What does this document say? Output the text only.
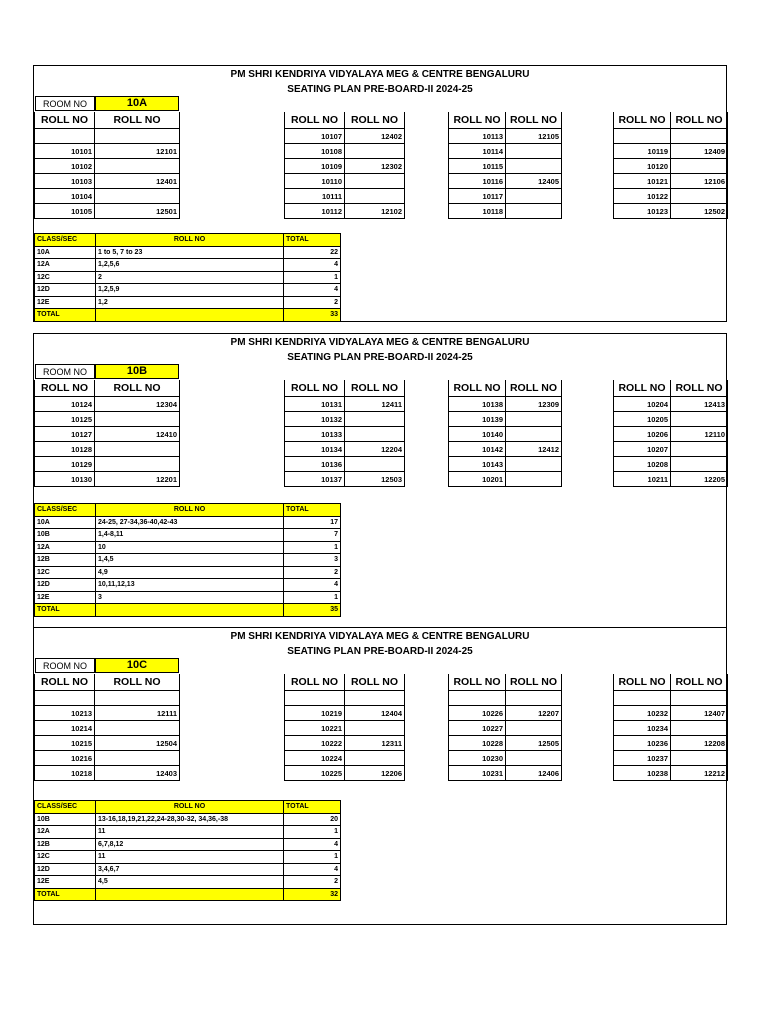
PM SHRI KENDRIYA VIDYALAYA MEG & CENTRE BENGALURU
SEATING PLAN PRE-BOARD-II 2024-25
ROOM NO	10A
ROLL NO	ROLL NO

10101	12101
10102	
10103	12401
10104	
10105	12501
ROLL NO	ROLL NO
10107	12402
10108	
10109	12302
10110	
10111	
10112	12102
ROLL NO	ROLL NO
10113	12105
10114	
10115	
10116	12405
10117	
10118	
ROLL NO	ROLL NO

10119	12409
10120	
10121	12106
10122	
10123	12502
CLASS/SEC	ROLL NO	TOTAL
10A	1 to 5, 7 to 23	22
12A	1,2,5,6	4
12C	2	1
12D	1,2,5,9	4
12E	1,2	2
TOTAL		33
PM SHRI KENDRIYA VIDYALAYA MEG & CENTRE BENGALURU
SEATING PLAN PRE-BOARD-II 2024-25
ROOM NO	10B
ROLL NO	ROLL NO
10124	12304
10125	
10127	12410
10128	
10129	
10130	12201
ROLL NO	ROLL NO
10131	12411
10132	
10133	
10134	12204
10136	
10137	12503
ROLL NO	ROLL NO
10138	12309
10139	
10140	
10142	12412
10143	
10201	
ROLL NO	ROLL NO
10204	12413
10205	
10206	12110
10207	
10208	
10211	12205
CLASS/SEC	ROLL NO	TOTAL
10A	24-25, 27-34,36-40,42-43	17
10B	1,4-8,11	7
12A	10	1
12B	1,4,5	3
12C	4,9	2
12D	10,11,12,13	4
12E	3	1
TOTAL		35
PM SHRI KENDRIYA VIDYALAYA MEG & CENTRE BENGALURU
SEATING PLAN PRE-BOARD-II 2024-25
ROOM NO	10C
ROLL NO	ROLL NO

10213	12111
10214	
10215	12504
10216	
10218	12403
ROLL NO	ROLL NO

10219	12404
10221	
10222	12311
10224	
10225	12206
ROLL NO	ROLL NO

10226	12207
10227	
10228	12505
10230	
10231	12406
ROLL NO	ROLL NO

10232	12407
10234	
10236	12208
10237	
10238	12212
CLASS/SEC	ROLL NO	TOTAL
10B	13-16,18,19,21,22,24-28,30-32, 34,36,-38	20
12A	11	1
12B	6,7,8,12	4
12C	11	1
12D	3,4,6,7	4
12E	4,5	2
TOTAL		32
